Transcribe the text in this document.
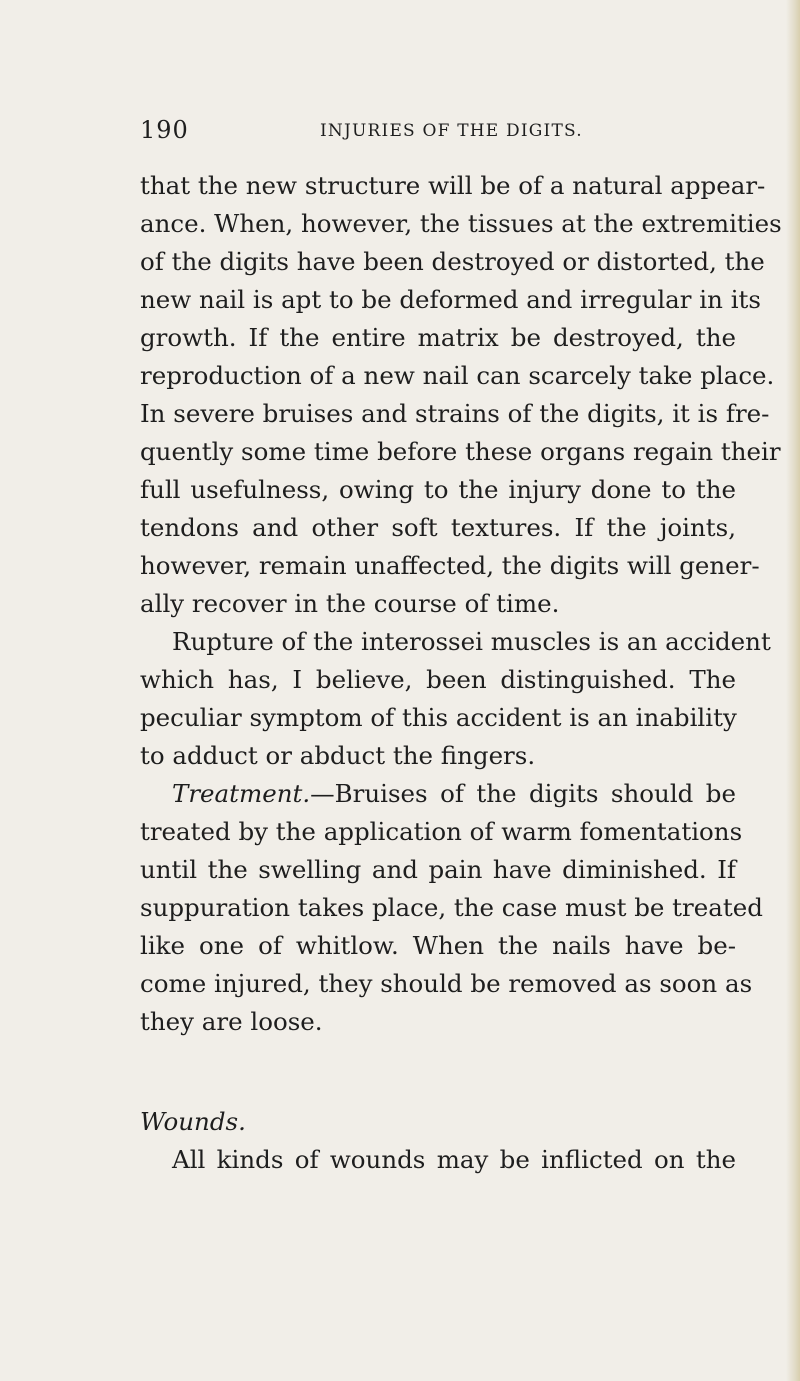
190	INJURIES OF THE DIGITS.
that the new structure will be of a natural appear-
ance. When, however, the tissues at the extremities
of the digits have been destroyed or distorted, the
new nail is apt to be deformed and irregular in its
growth. If the entire matrix be destroyed, the
reproduction of a new nail can scarcely take place.
In severe bruises and strains of the digits, it is fre-
quently some time before these organs regain their
full usefulness, owing to the injury done to the
tendons and other soft textures. If the joints,
however, remain unaffected, the digits will gener-
ally recover in the course of time.
Rupture of the interossei muscles is an accident
which has, I believe, been distinguished. The
peculiar symptom of this accident is an inability
to adduct or abduct the fingers.
Treatment.—Bruises of the digits should be
treated by the application of warm fomentations
until the swelling and pain have diminished. If
suppuration takes place, the case must be treated
like one of whitlow. When the nails have be-
come injured, they should be removed as soon as
they are loose.
Wounds.
All kinds of wounds may be inflicted on the
